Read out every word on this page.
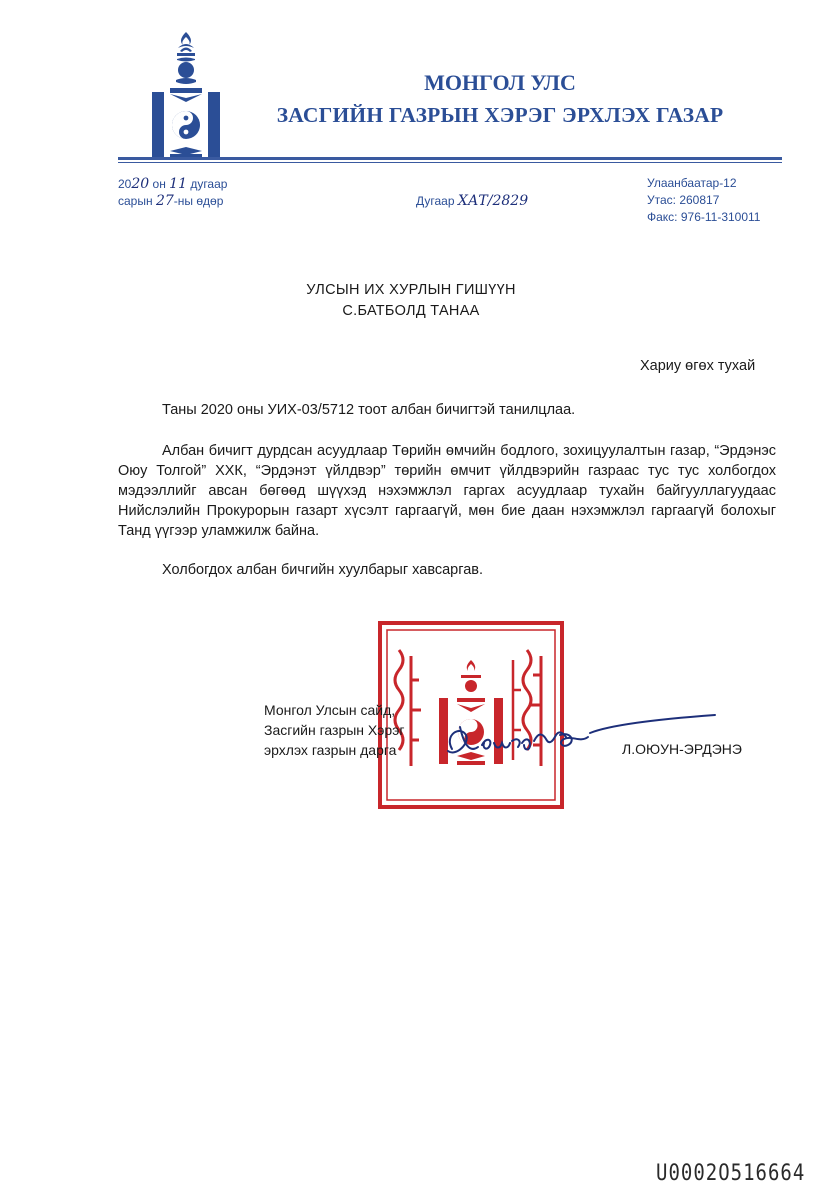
МОНГОЛ УЛС
ЗАСГИЙН ГАЗРЫН ХЭРЭГ ЭРХЛЭХ ГАЗАР
2020 он 11 дугаар
сарын 27-ны өдөр	Дугаар ХАТ/2829
Улаанбаатар-12
Утас: 260817
Факс: 976-11-310011
УЛСЫН ИХ ХУРЛЫН ГИШҮҮН
С.БАТБОЛД ТАНАА
Хариу өгөх тухай
Таны 2020 оны УИХ-03/5712 тоот албан бичигтэй танилцлаа.
Албан бичигт дурдсан асуудлаар Төрийн өмчийн бодлого, зохицуулалтын газар, “Эрдэнэс Оюу Толгой” ХХК, “Эрдэнэт үйлдвэр” төрийн өмчит үйлдвэрийн газраас тус тус холбогдох мэдээллийг авсан бөгөөд шүүхэд нэхэмжлэл гаргах асуудлаар тухайн байгууллагуудаас Нийслэлийн Прокурорын газарт хүсэлт гаргаагүй, мөн бие даан нэхэмжлэл гаргаагүй болохыг Танд үүгээр уламжилж байна.
Холбогдох албан бичгийн хуулбарыг хавсаргав.
Монгол Улсын сайд,
Засгийн газрын Хэрэг
эрхлэх газрын дарга	Л.ОЮУН-ЭРДЭНЭ
U0002O516664
